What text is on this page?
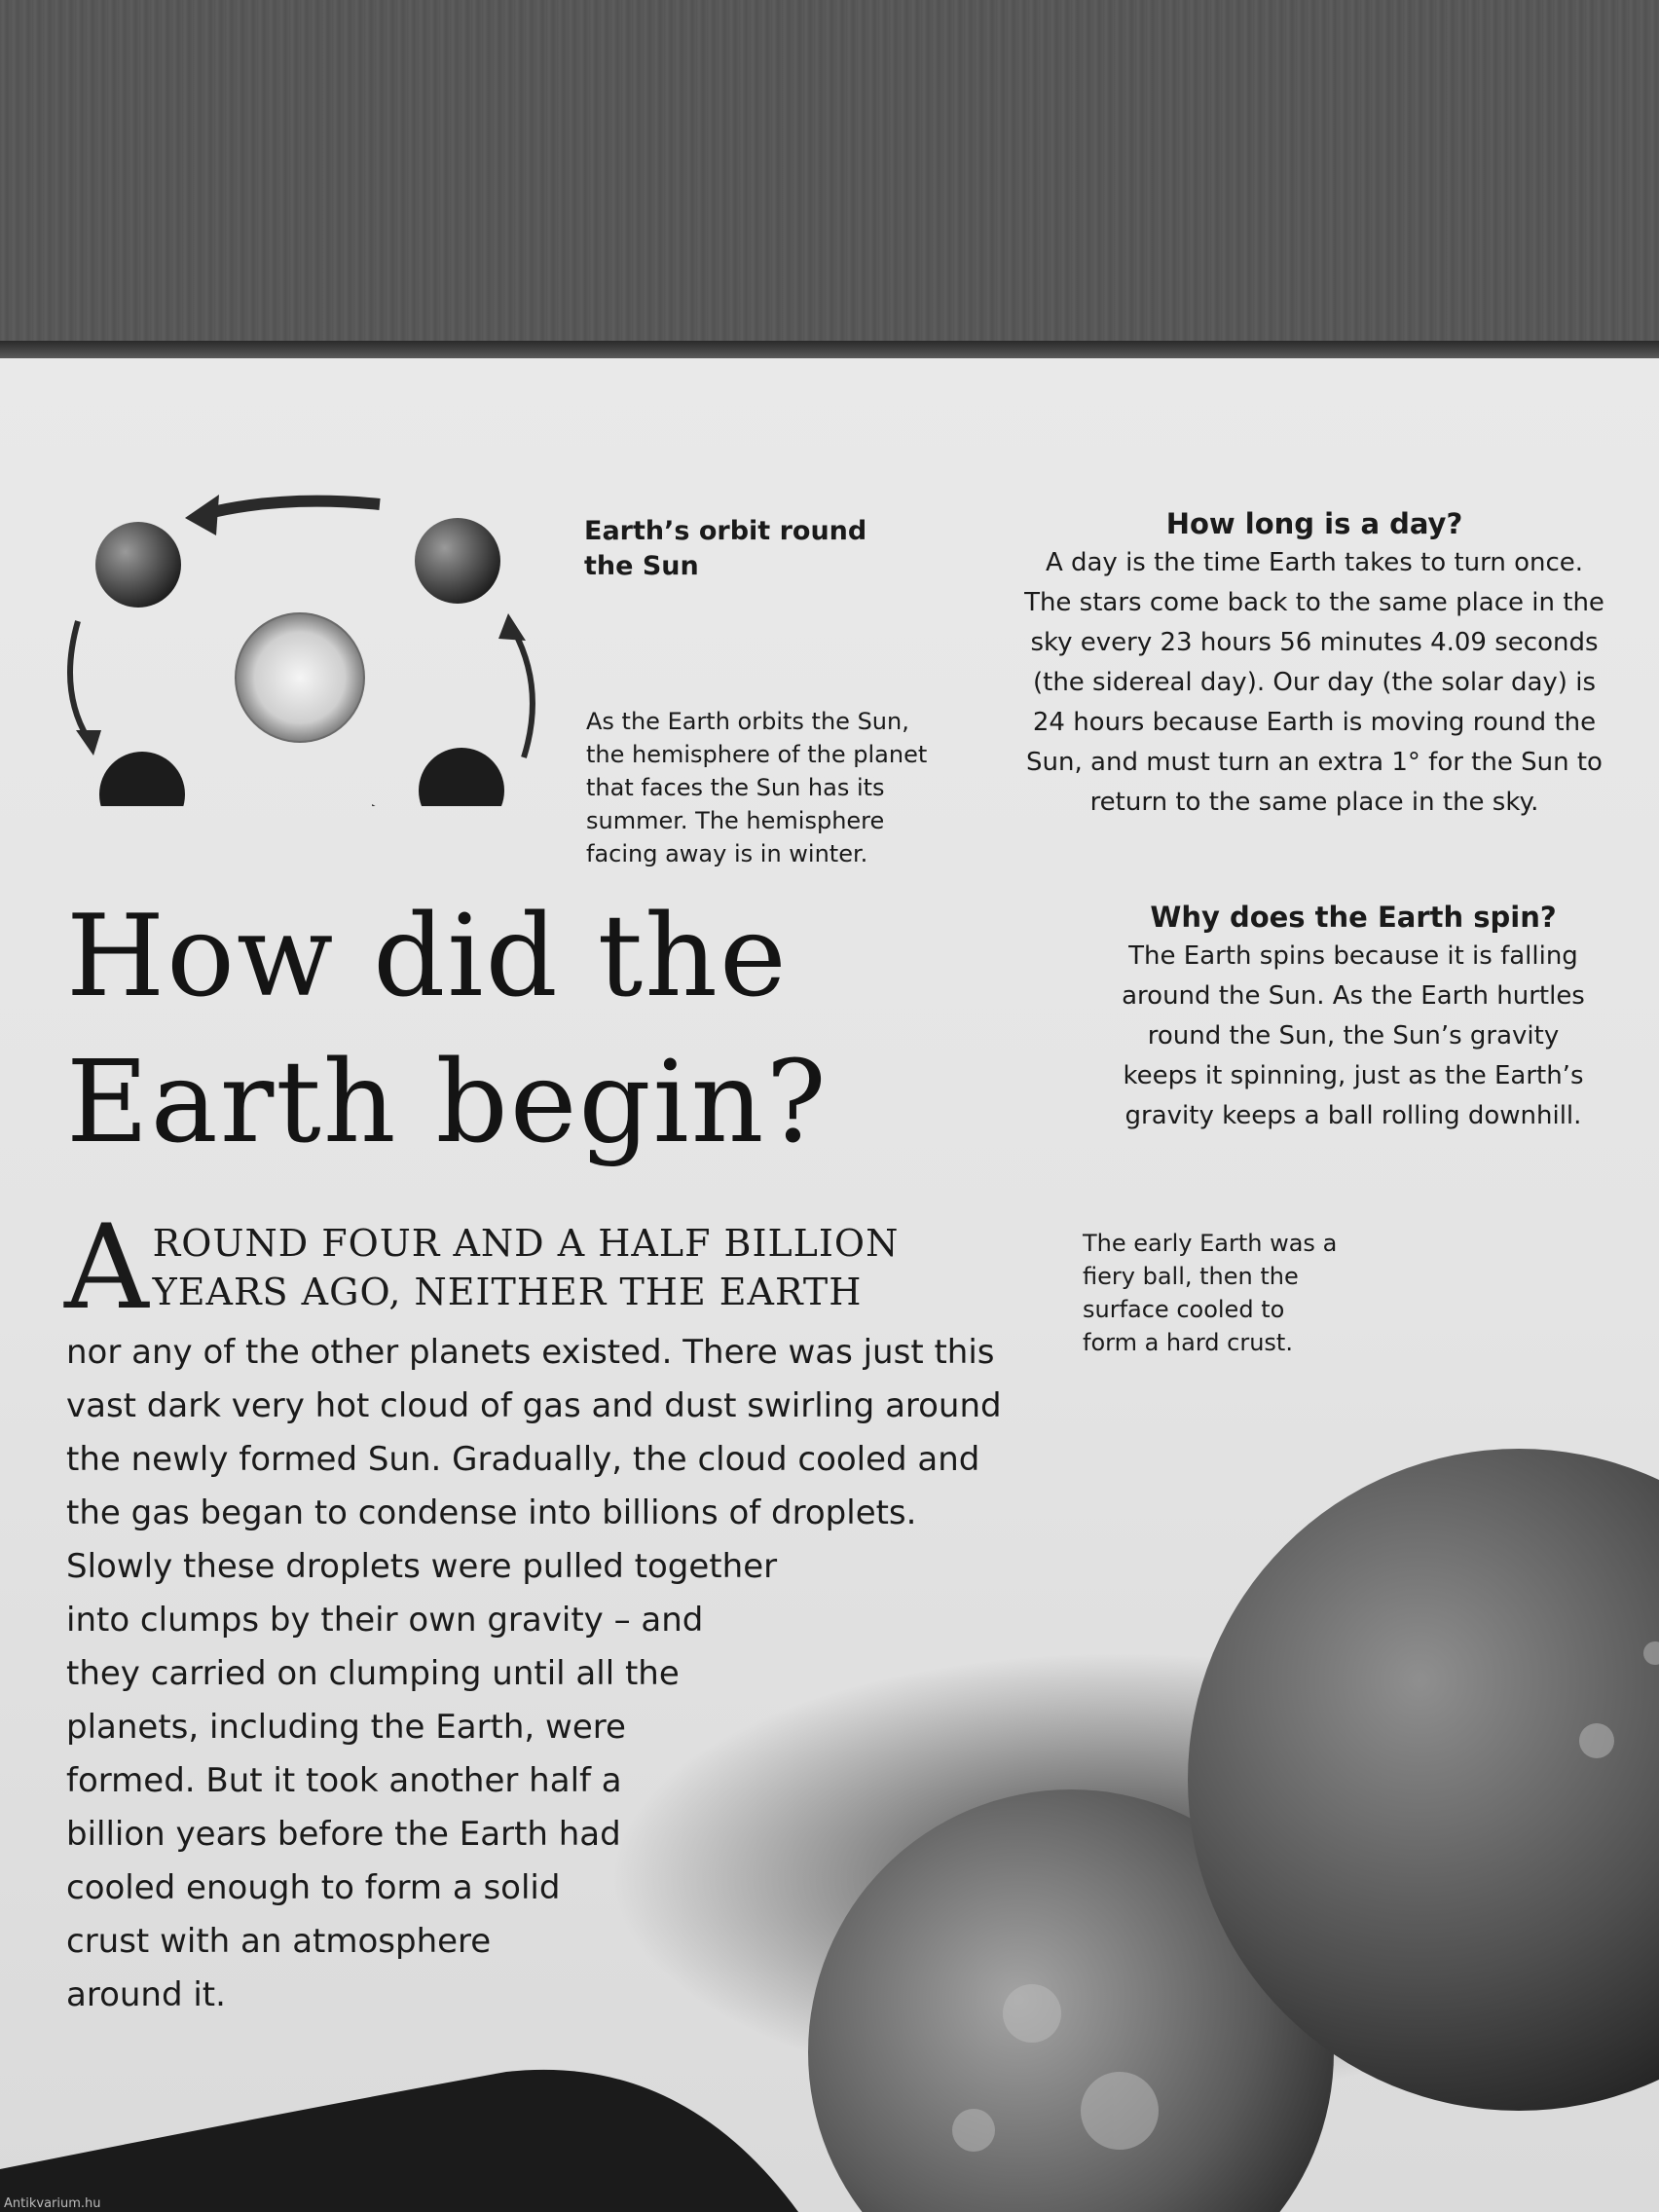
Earth’s orbit round
the Sun
As the Earth orbits the Sun,
the hemisphere of the planet
that faces the Sun has its
summer. The hemisphere
facing away is in winter.
How long is a day?
A day is the time Earth takes to turn once.
The stars come back to the same place in the
sky every 23 hours 56 minutes 4.09 seconds
(the sidereal day). Our day (the solar day) is
24 hours because Earth is moving round the
Sun, and must turn an extra 1° for the Sun to
return to the same place in the sky.
Why does the Earth spin?
The Earth spins because it is falling
around the Sun. As the Earth hurtles
round the Sun, the Sun’s gravity
keeps it spinning, just as the Earth’s
gravity keeps a ball rolling downhill.
How did the
Earth begin?
A ROUND FOUR AND A HALF BILLION
YEARS AGO, NEITHER THE EARTH
nor any of the other planets existed. There was just this
vast dark very hot cloud of gas and dust swirling around
the newly formed Sun. Gradually, the cloud cooled and
the gas began to condense into billions of droplets.
Slowly these droplets were pulled together
into clumps by their own gravity – and
they carried on clumping until all the
planets, including the Earth, were
formed. But it took another half a
billion years before the Earth had
cooled enough to form a solid
crust with an atmosphere
around it.
The early Earth was a
fiery ball, then the
surface cooled to
form a hard crust.
Antikvarium.hu
